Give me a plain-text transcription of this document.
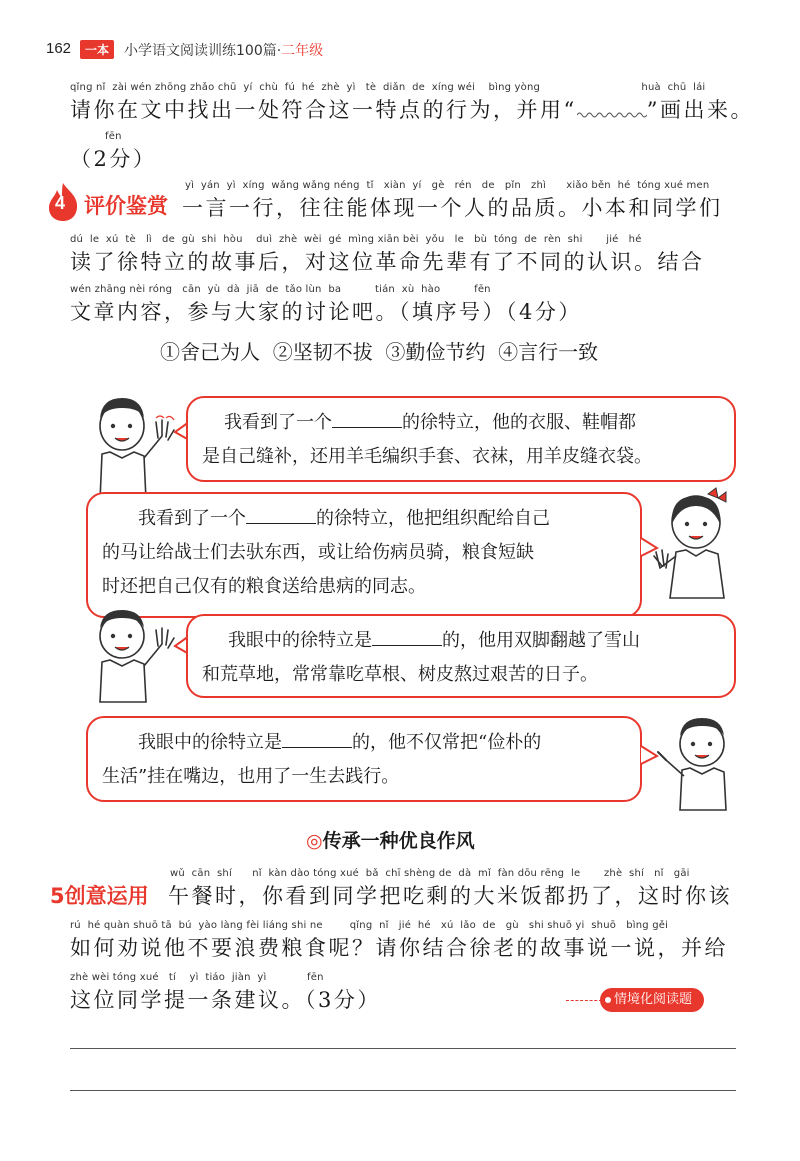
162	一本	小学语文阅读训练100篇·二年级
qǐng nǐ  zài wén zhōng zhǎo chū  yí  chù  fú  hé  zhè  yì   tè  diǎn  de  xíng wéi    bìng yòng                              huà  chū  lái
请你在文中找出一处符合这一特点的行为，并用“	”画出来。
fēn
（2分）
4 评价鉴赏
yì  yán  yì  xíng  wǎng wǎng néng  tǐ   xiàn  yí   gè   rén   de   pǐn   zhì      xiǎo běn  hé  tóng xué men
一言一行，往往能体现一个人的品质。小本和同学们
dú  le  xú  tè   lì   de  gù  shi  hòu    duì  zhè  wèi  gé  mìng xiān bèi  yǒu   le   bù  tóng  de  rèn  shi       jié   hé
读了徐特立的故事后，对这位革命先辈有了不同的认识。结合
wén zhāng nèi róng   cān  yù  dà  jiā  de  tǎo lùn  ba          tián  xù  hào          fēn
文章内容，参与大家的讨论吧。（填序号）（4分）
①舍己为人  ②坚韧不拔  ③勤俭节约  ④言行一致
我看到了一个	的徐特立，他的衣服、鞋帽都
是自己缝补，还用羊毛编织手套、衣袜，用羊皮缝衣袋。
我看到了一个	的徐特立，他把组织配给自己
的马让给战士们去驮东西，或让给伤病员骑，粮食短缺
时还把自己仅有的粮食送给患病的同志。
我眼中的徐特立是	的，他用双脚翻越了雪山
和荒草地，常常靠吃草根、树皮熬过艰苦的日子。
我眼中的徐特立是	的，他不仅常把“俭朴的
生活”挂在嘴边，也用了一生去践行。
◎传承一种优良作风
5创意运用
wǔ  cān  shí      nǐ  kàn dào tóng xué  bǎ  chī shèng de  dà  mǐ  fàn dōu rēng  le       zhè  shí   nǐ   gāi
午餐时，你看到同学把吃剩的大米饭都扔了，这时你该
rú  hé quàn shuō tā  bú  yào làng fèi liáng shi ne        qǐng  nǐ   jié  hé   xú  lǎo  de   gù   shi shuō yi  shuō   bìng gěi
如何劝说他不要浪费粮食呢？请你结合徐老的故事说一说，并给
zhè wèi tóng xué   tí    yì  tiáo  jiàn  yì            fēn
这位同学提一条建议。（3分）	情境化阅读题
